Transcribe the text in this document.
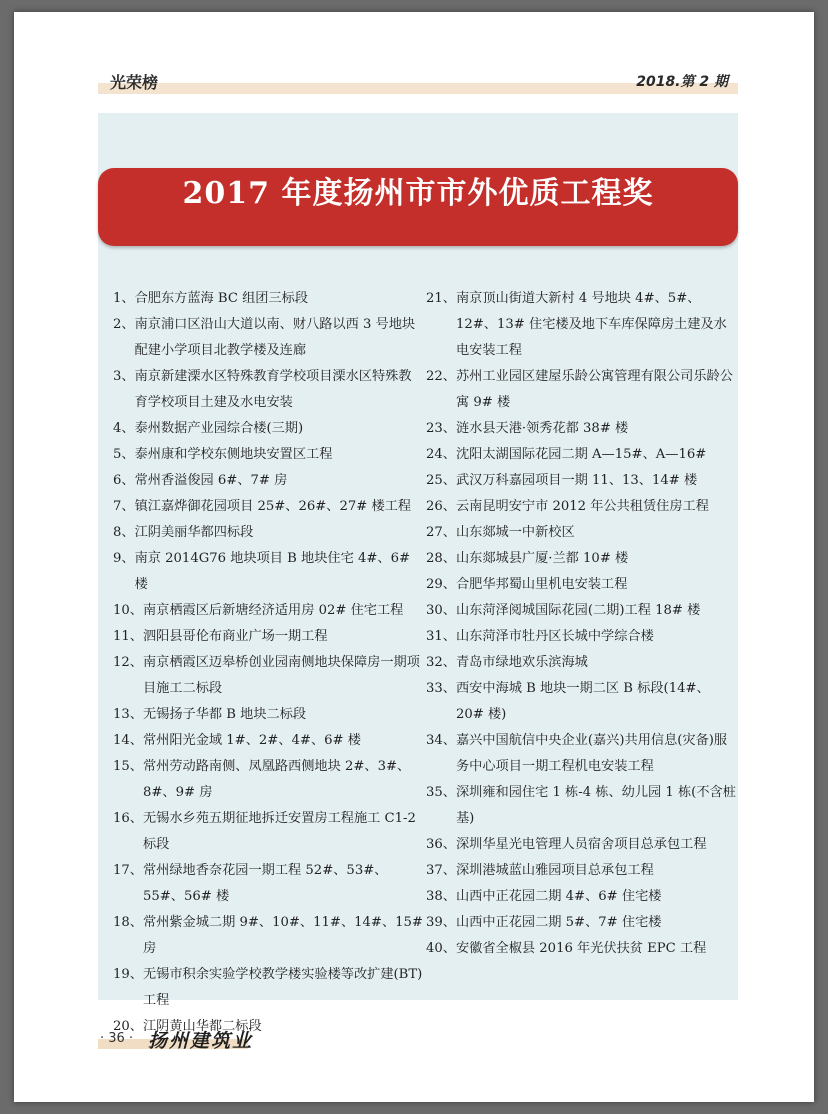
光荣榜	2018.第 2 期
2017 年度扬州市市外优质工程奖
1、 合肥东方蓝海 BC 组团三标段
2、 南京浦口区沿山大道以南、财八路以西 3 号地块配建小学项目北教学楼及连廊
3、 南京新建溧水区特殊教育学校项目溧水区特殊教育学校项目土建及水电安装
4、 泰州数据产业园综合楼(三期)
5、 泰州康和学校东侧地块安置区工程
6、 常州香溢俊园 6#、7# 房
7、 镇江嘉烨御花园项目 25#、26#、27# 楼工程
8、 江阴美丽华都四标段
9、 南京 2014G76 地块项目 B 地块住宅 4#、6# 楼
10、 南京栖霞区后新塘经济适用房 02# 住宅工程
11、 泗阳县哥伦布商业广场一期工程
12、 南京栖霞区迈皋桥创业园南侧地块保障房一期项目施工二标段
13、 无锡扬子华都 B 地块二标段
14、 常州阳光金域 1#、2#、4#、6# 楼
15、 常州劳动路南侧、凤凰路西侧地块 2#、3#、8#、9# 房
16、 无锡水乡苑五期征地拆迁安置房工程施工 C1-2 标段
17、 常州绿地香奈花园一期工程 52#、53#、55#、56# 楼
18、 常州紫金城二期 9#、10#、11#、14#、15# 房
19、 无锡市积余实验学校教学楼实验楼等改扩建(BT)工程
20、 江阴黄山华都二标段
21、 南京顶山街道大新村 4 号地块 4#、5#、12#、13# 住宅楼及地下车库保障房土建及水电安装工程
22、 苏州工业园区建屋乐龄公寓管理有限公司乐龄公寓 9# 楼
23、 涟水县天港·领秀花都 38# 楼
24、 沈阳太湖国际花园二期 A—15#、A—16#
25、 武汉万科嘉园项目一期 11、13、14# 楼
26、 云南昆明安宁市 2012 年公共租赁住房工程
27、 山东郯城一中新校区
28、 山东郯城县广厦·兰都 10# 楼
29、 合肥华邦蜀山里机电安装工程
30、 山东菏泽阅城国际花园(二期)工程 18# 楼
31、 山东菏泽市牡丹区长城中学综合楼
32、 青岛市绿地欢乐滨海城
33、 西安中海城 B 地块一期二区 B 标段(14#、20# 楼)
34、 嘉兴中国航信中央企业(嘉兴)共用信息(灾备)服务中心项目一期工程机电安装工程
35、 深圳雍和园住宅 1 栋-4 栋、幼儿园 1 栋(不含桩基)
36、 深圳华星光电管理人员宿舍项目总承包工程
37、 深圳港城蓝山雅园项目总承包工程
38、 山西中正花园二期 4#、6# 住宅楼
39、 山西中正花园二期 5#、7# 住宅楼
40、 安徽省全椒县 2016 年光伏扶贫 EPC 工程
· 36 · 扬州建筑业
